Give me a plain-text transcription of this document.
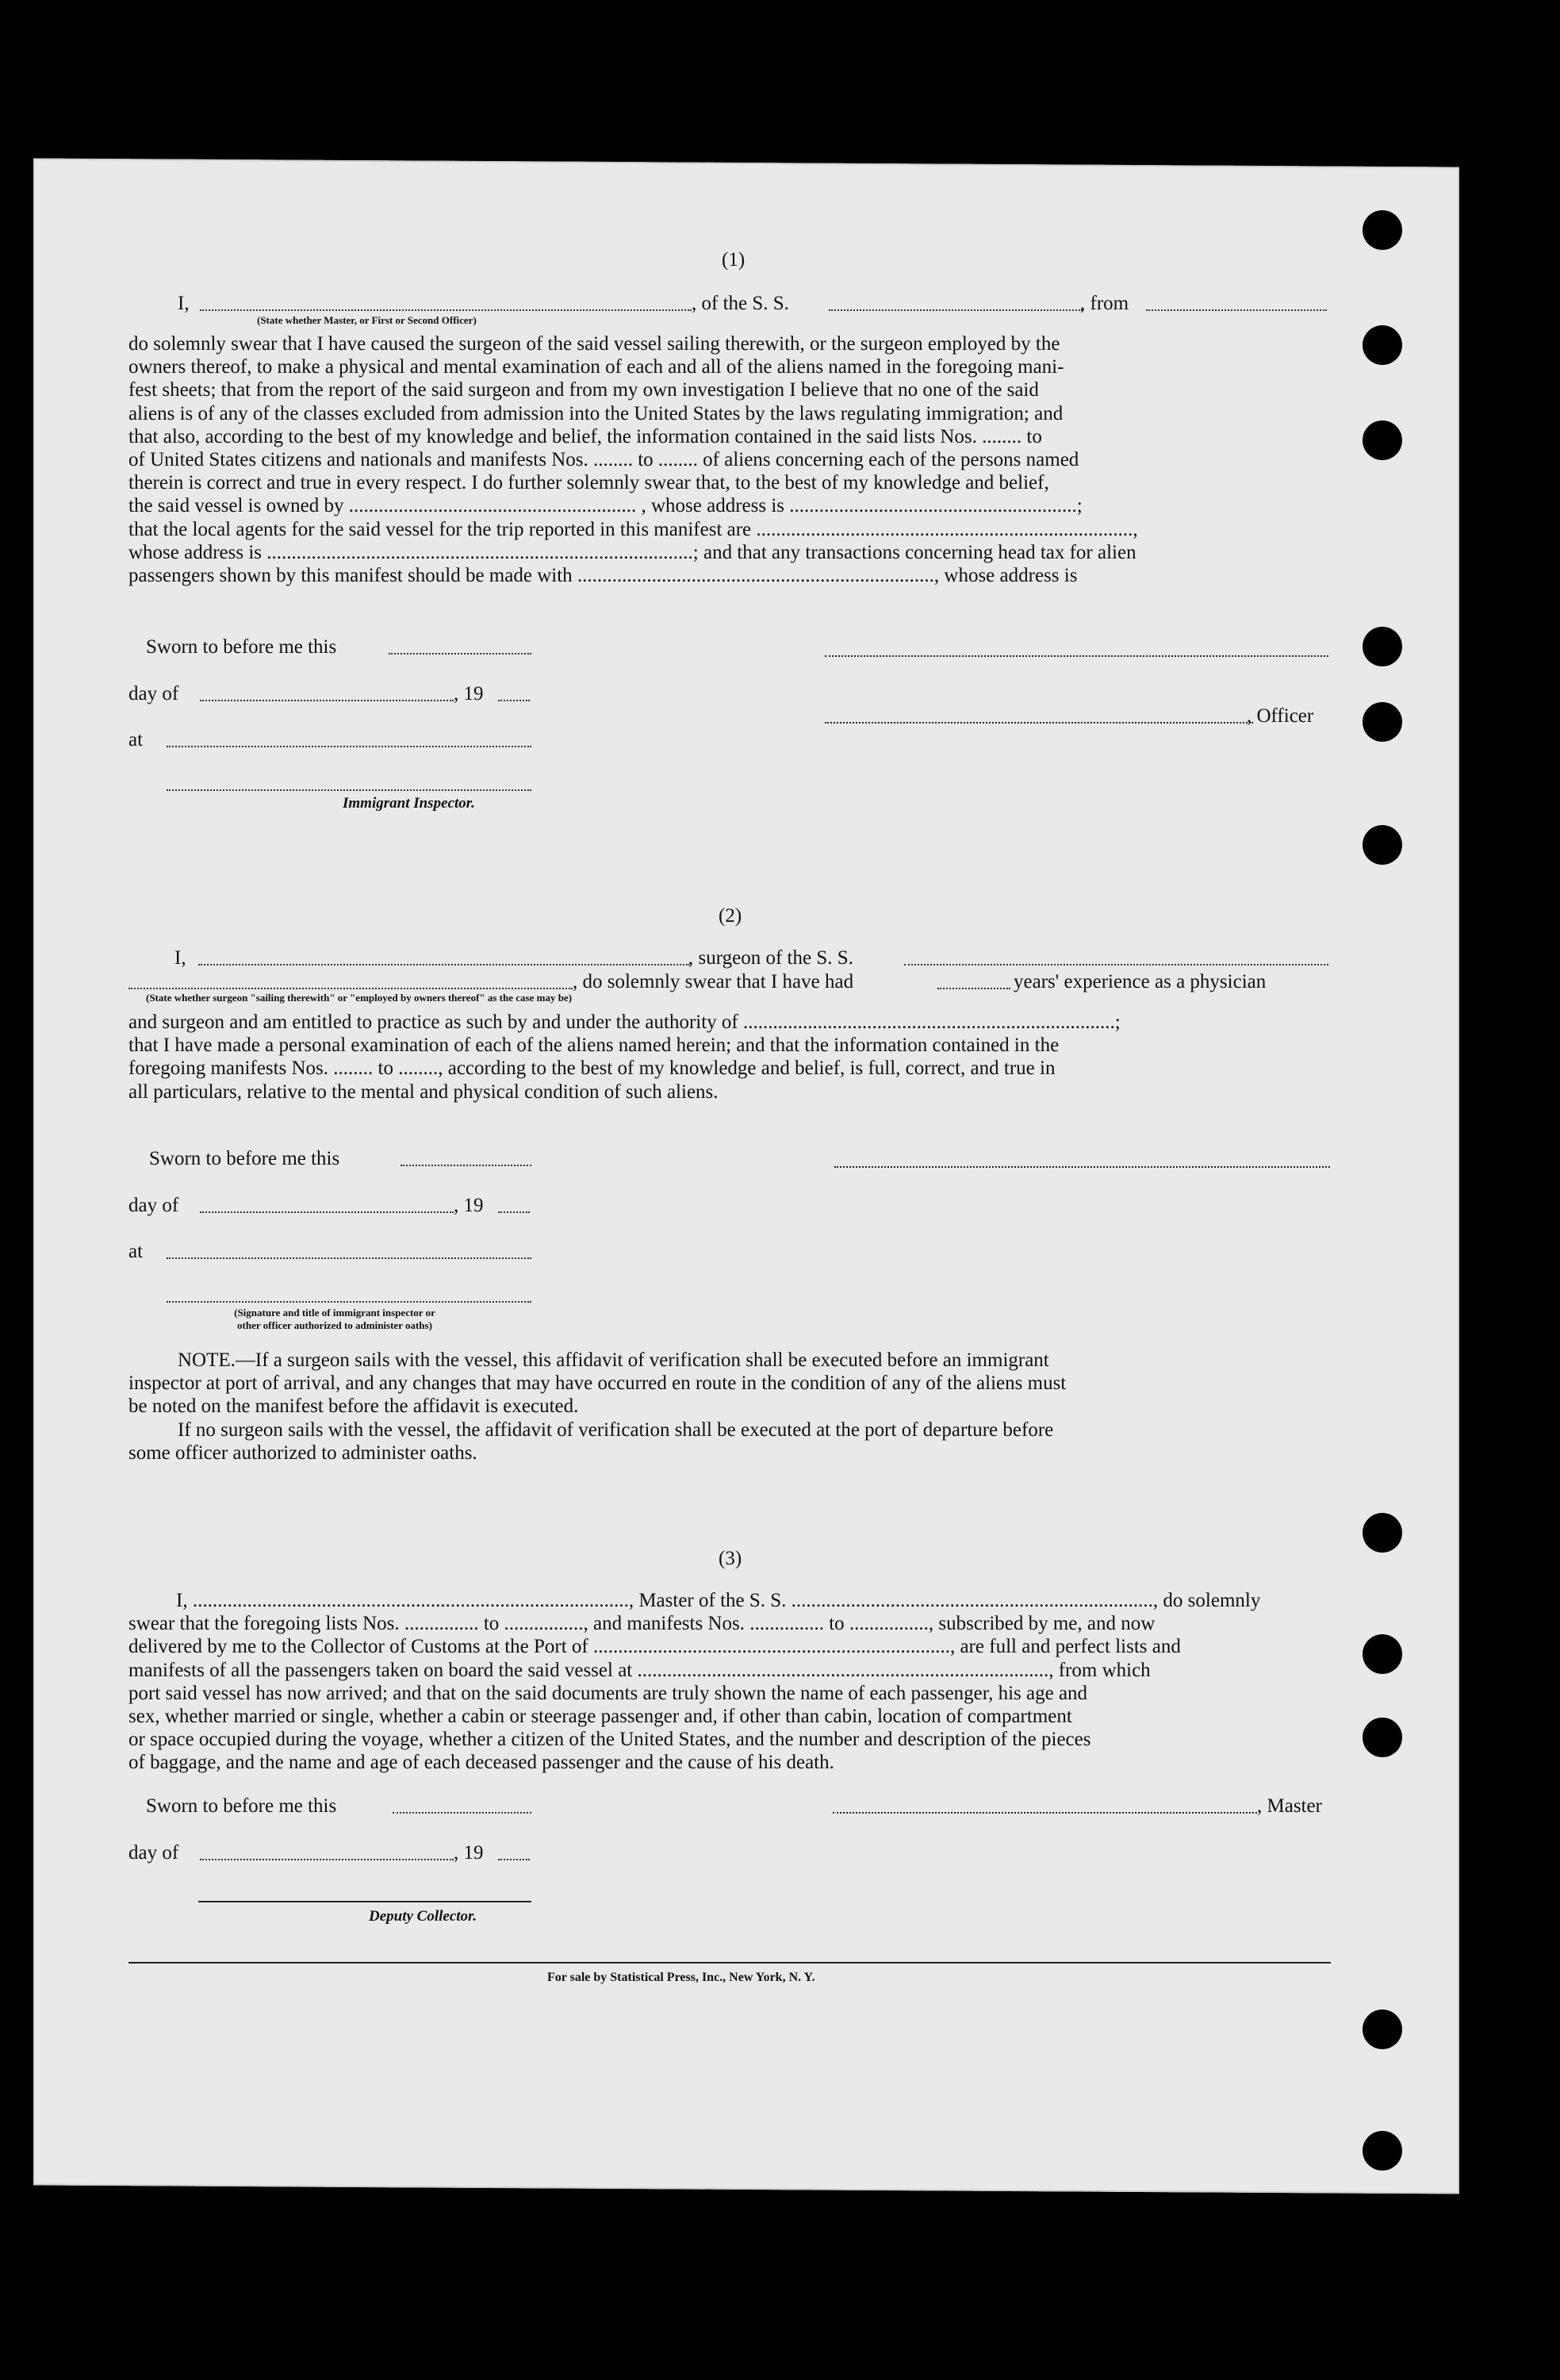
(1)
I,	, of the S. S.	, from
(State whether Master, or First or Second Officer)
do solemnly swear that I have caused the surgeon of the said vessel sailing therewith, or the surgeon employed by the
owners thereof, to make a physical and mental examination of each and all of the aliens named in the foregoing mani-
fest sheets; that from the report of the said surgeon and from my own investigation I believe that no one of the said
aliens is of any of the classes excluded from admission into the United States by the laws regulating immigration; and
that also, according to the best of my knowledge and belief, the information contained in the said lists Nos. ........ to
of United States citizens and nationals and manifests Nos. ........ to ........ of aliens concerning each of the persons named
therein is correct and true in every respect. I do further solemnly swear that, to the best of my knowledge and belief,
the said vessel is owned by .......................................................... , whose address is ..........................................................;
that the local agents for the said vessel for the trip reported in this manifest are ............................................................................,
whose address is ......................................................................................; and that any transactions concerning head tax for alien
passengers shown by this manifest should be made with ........................................................................, whose address is
Sworn to before me this
day of	, 19
, Officer
at
Immigrant Inspector.
(2)
I,	, surgeon of the S. S.
, do solemnly swear that I have had	years' experience as a physician
(State whether surgeon "sailing therewith" or "employed by owners thereof" as the case may be)
and surgeon and am entitled to practice as such by and under the authority of ...........................................................................;
that I have made a personal examination of each of the aliens named herein; and that the information contained in the
foregoing manifests Nos. ........ to ........, according to the best of my knowledge and belief, is full, correct, and true in
all particulars, relative to the mental and physical condition of such aliens.
Sworn to before me this
day of	, 19
at
(Signature and title of immigrant inspector or
other officer authorized to administer oaths)
NOTE.—If a surgeon sails with the vessel, this affidavit of verification shall be executed before an immigrant
inspector at port of arrival, and any changes that may have occurred en route in the condition of any of the aliens must
be noted on the manifest before the affidavit is executed.
If no surgeon sails with the vessel, the affidavit of verification shall be executed at the port of departure before
some officer authorized to administer oaths.
(3)
I, ........................................................................................, Master of the S. S. ........................................................................., do solemnly
swear that the foregoing lists Nos. ............... to ................, and manifests Nos. ............... to ................, subscribed by me, and now
delivered by me to the Collector of Customs at the Port of ........................................................................, are full and perfect lists and
manifests of all the passengers taken on board the said vessel at ..................................................................................., from which
port said vessel has now arrived; and that on the said documents are truly shown the name of each passenger, his age and
sex, whether married or single, whether a cabin or steerage passenger and, if other than cabin, location of compartment
or space occupied during the voyage, whether a citizen of the United States, and the number and description of the pieces
of baggage, and the name and age of each deceased passenger and the cause of his death.
Sworn to before me this	, Master
day of	, 19
Deputy Collector.
For sale by Statistical Press, Inc., New York, N. Y.
